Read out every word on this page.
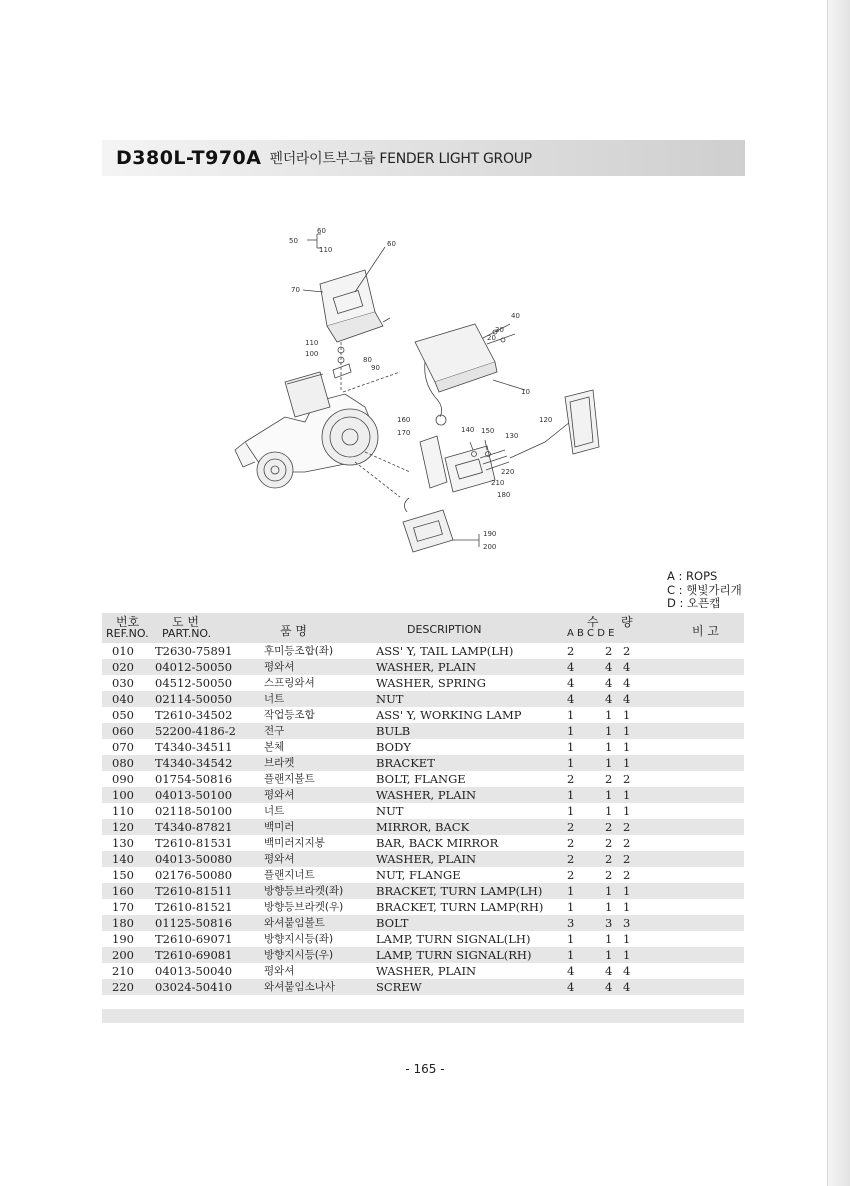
D380L-T970A 펜더라이트부그룹 FENDER LIGHT GROUP
60
50
110
60
70
40
30
20
110
100
80
90
10
160
170	140 150
130
120
220
210
180
190
200
A : ROPS
C : 햇빛가리개
D : 오픈캡
번호
REF.NO.
도 번
PART.NO.	품 명	DESCRIPTION
수 량
A B C D E	비 고
010 T2630-75891	후미등조합(좌)	ASS' Y, TAIL LAMP(LH)	2	2 2
020 04012-50050	평와셔	WASHER, PLAIN	4	4 4
030 04512-50050	스프링와셔	WASHER, SPRING	4	4 4
040 02114-50050	너트	NUT	4	4 4
050 T2610-34502	작업등조합	ASS' Y, WORKING LAMP	1	1 1
060 52200-4186-2	전구	BULB	1	1 1
070 T4340-34511	본체	BODY	1	1 1
080 T4340-34542	브라켓	BRACKET	1	1 1
090 01754-50816	플랜지볼트	BOLT, FLANGE	2	2 2
100 04013-50100	평와셔	WASHER, PLAIN	1	1 1
110 02118-50100	너트	NUT	1	1 1
120 T4340-87821	백미러	MIRROR, BACK	2	2 2
130 T2610-81531	백미러지지봉	BAR, BACK MIRROR	2	2 2
140 04013-50080	평와셔	WASHER, PLAIN	2	2 2
150 02176-50080	플랜지너트	NUT, FLANGE	2	2 2
160 T2610-81511	방향등브라켓(좌)	BRACKET, TURN LAMP(LH) 1	1 1
170 T2610-81521	방향등브라켓(우)	BRACKET, TURN LAMP(RH) 1	1 1
180 01125-50816	와셔붙임볼트	BOLT	3	3 3
190 T2610-69071	방향지시등(좌)	LAMP, TURN SIGNAL(LH)	1	1 1
200 T2610-69081	방향지시등(우)	LAMP, TURN SIGNAL(RH)	1	1 1
210 04013-50040	평와셔	WASHER, PLAIN	4	4 4
220 03024-50410	와셔붙임소나사	SCREW	4	4 4
- 165 -
